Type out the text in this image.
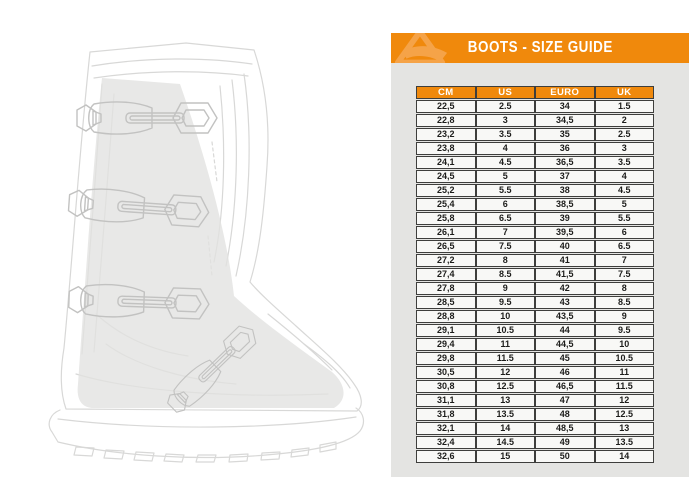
BOOTS - SIZE GUIDE
CM	US	EURO	UK
22,5	2.5	34	1.5
22,8	3	34,5	2
23,2	3.5	35	2.5
23,8	4	36	3
24,1	4.5	36,5	3.5
24,5	5	37	4
25,2	5.5	38	4.5
25,4	6	38,5	5
25,8	6.5	39	5.5
26,1	7	39,5	6
26,5	7.5	40	6.5
27,2	8	41	7
27,4	8.5	41,5	7.5
27,8	9	42	8
28,5	9.5	43	8.5
28,8	10	43,5	9
29,1	10.5	44	9.5
29,4	11	44,5	10
29,8	11.5	45	10.5
30,5	12	46	11
30,8	12.5	46,5	11.5
31,1	13	47	12
31,8	13.5	48	12.5
32,1	14	48,5	13
32,4	14.5	49	13.5
32,6	15	50	14
